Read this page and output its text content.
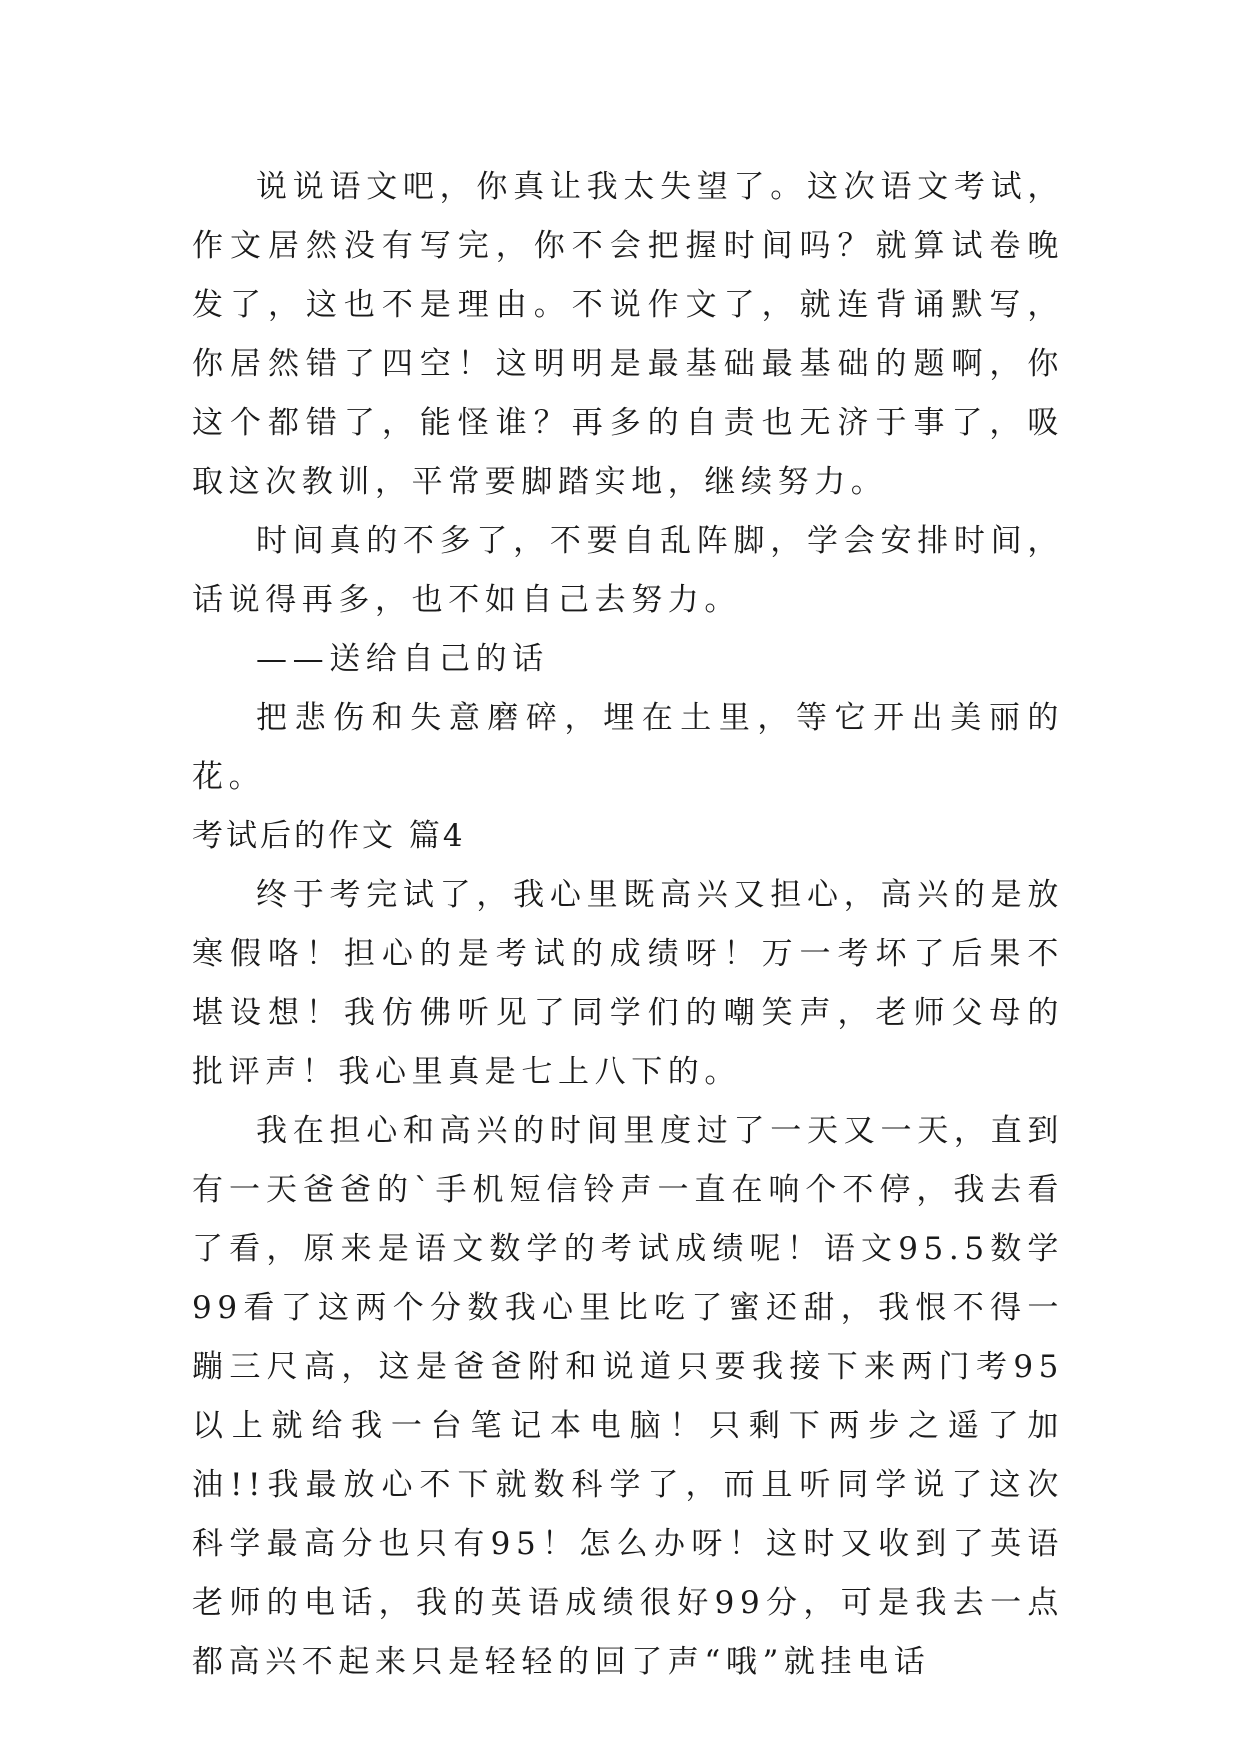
说说语文吧，你真让我太失望了。这次语文考试，作文居然没有写完，你不会把握时间吗？就算试卷晚发了，这也不是理由。不说作文了，就连背诵默写，你居然错了四空！这明明是最基础最基础的题啊，你这个都错了，能怪谁？再多的自责也无济于事了，吸取这次教训，平常要脚踏实地，继续努力。

时间真的不多了，不要自乱阵脚，学会安排时间，话说得再多，也不如自己去努力。

——送给自己的话

把悲伤和失意磨碎，埋在土里，等它开出美丽的花。

考试后的作文 篇4

终于考完试了，我心里既高兴又担心，高兴的是放寒假咯！担心的是考试的成绩呀！万一考坏了后果不堪设想！我仿佛听见了同学们的嘲笑声，老师父母的批评声！我心里真是七上八下的。

我在担心和高兴的时间里度过了一天又一天，直到有一天爸爸的`手机短信铃声一直在响个不停，我去看了看，原来是语文数学的考试成绩呢！语文95.5数学99看了这两个分数我心里比吃了蜜还甜，我恨不得一蹦三尺高，这是爸爸附和说道只要我接下来两门考95以上就给我一台笔记本电脑！只剩下两步之遥了加油!!我最放心不下就数科学了，而且听同学说了这次科学最高分也只有95！怎么办呀！这时又收到了英语老师的电话，我的英语成绩很好99分，可是我去一点都高兴不起来只是轻轻的回了声“哦”就挂电话
